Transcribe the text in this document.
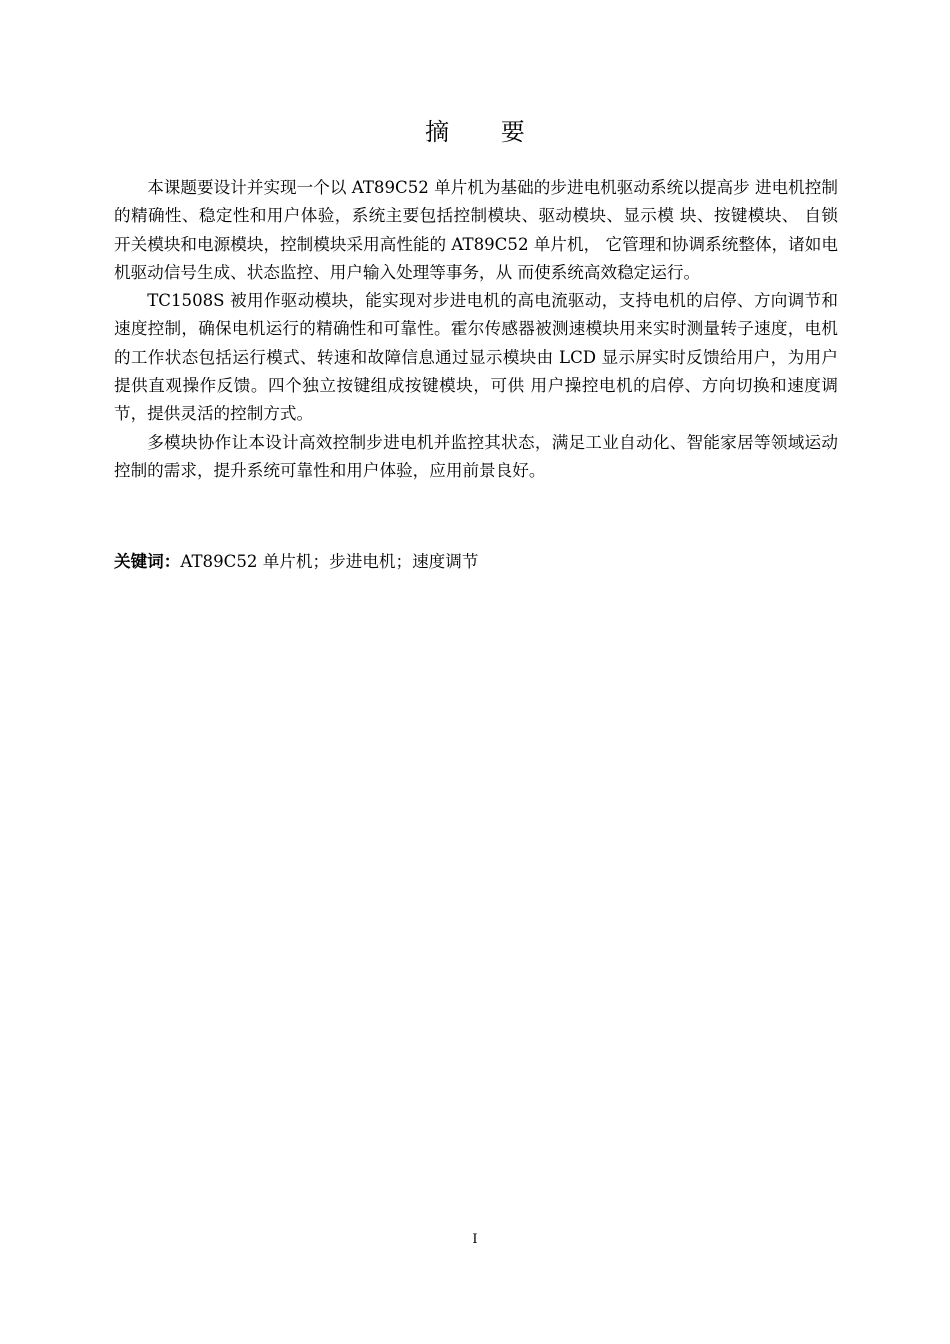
摘 要

本课题要设计并实现一个以 AT89C52 单片机为基础的步进电机驱动系统以提高步 进电机控制的精确性、稳定性和用户体验，系统主要包括控制模块、驱动模块、显示模 块、按键模块、 自锁开关模块和电源模块，控制模块采用高性能的 AT89C52 单片机， 它管理和协调系统整体，诸如电机驱动信号生成、状态监控、用户输入处理等事务，从 而使系统高效稳定运行。

TC1508S 被用作驱动模块，能实现对步进电机的高电流驱动，支持电机的启停、方向调节和速度控制，确保电机运行的精确性和可靠性。霍尔传感器被测速模块用来实时测量转子速度，电机的工作状态包括运行模式、转速和故障信息通过显示模块由 LCD 显示屏实时反馈给用户，为用户提供直观操作反馈。四个独立按键组成按键模块，可供 用户操控电机的启停、方向切换和速度调节，提供灵活的控制方式。

多模块协作让本设计高效控制步进电机并监控其状态，满足工业自动化、智能家居等领域运动控制的需求，提升系统可靠性和用户体验，应用前景良好。

关键词：AT89C52 单片机；步进电机；速度调节

I
